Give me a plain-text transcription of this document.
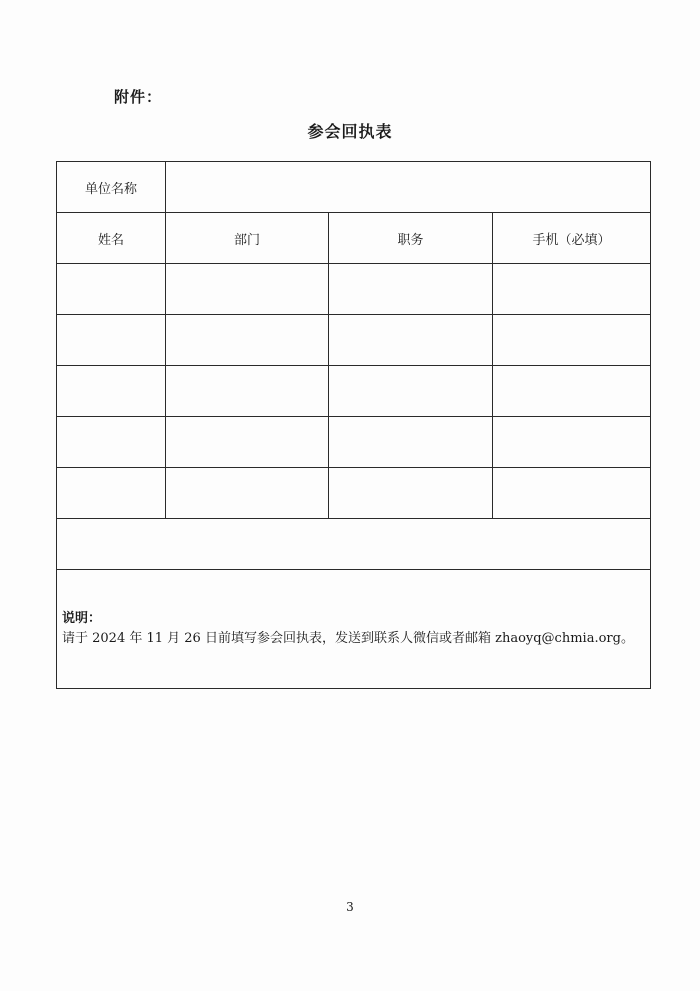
附件：
参会回执表
单位名称
姓名	部门	职务	手机（必填）
说明：
请于 2024 年 11 月 26 日前填写参会回执表，发送到联系人微信或者邮箱 zhaoyq@chmia.org。
3
